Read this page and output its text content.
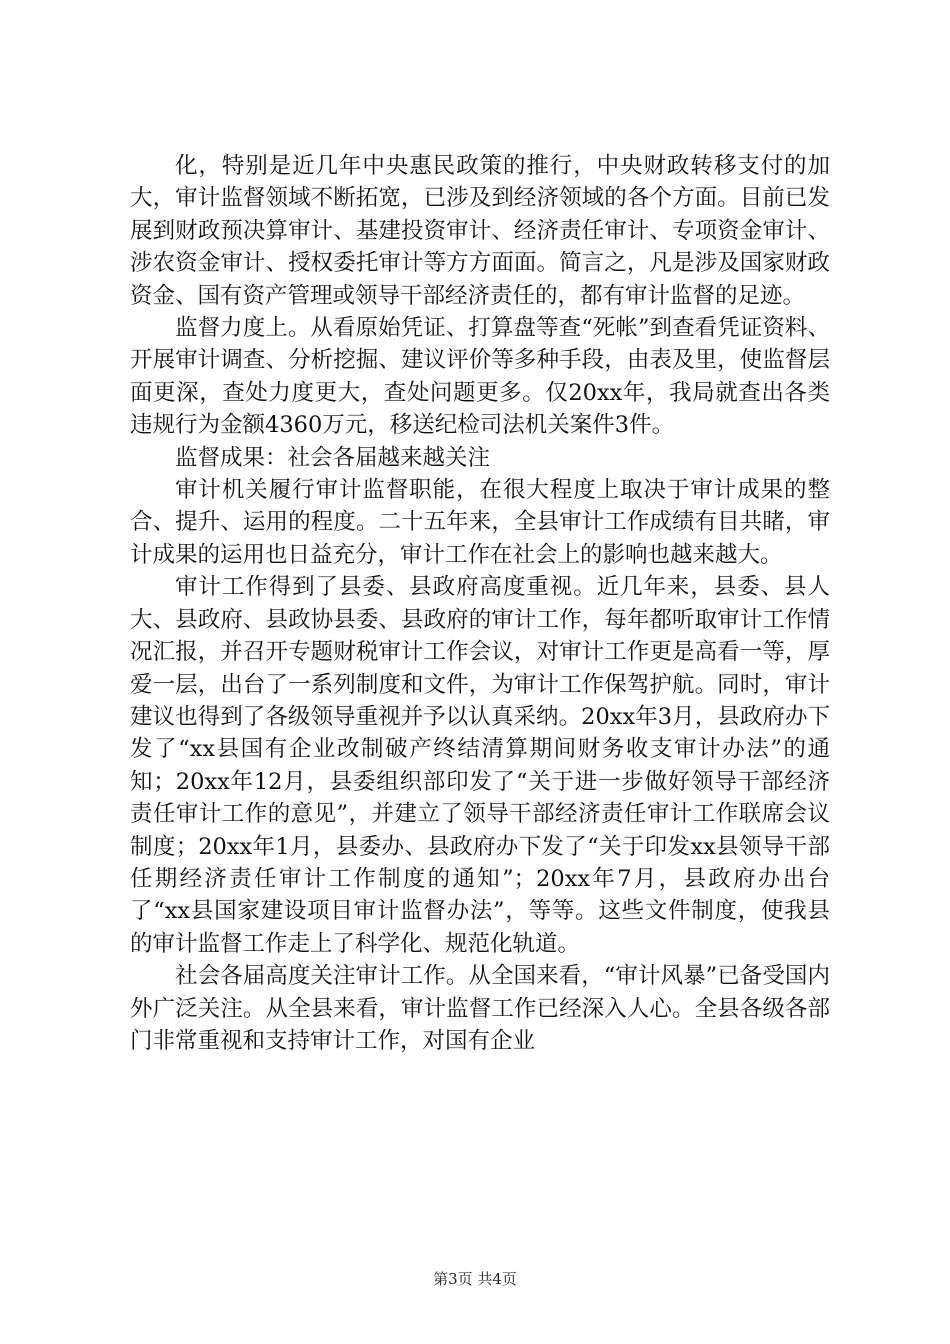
化，特别是近几年中央惠民政策的推行，中央财政转移支付的加大，审计监督领域不断拓宽，已涉及到经济领域的各个方面。目前已发展到财政预决算审计、基建投资审计、经济责任审计、专项资金审计、涉农资金审计、授权委托审计等方方面面。简言之，凡是涉及国家财政资金、国有资产管理或领导干部经济责任的，都有审计监督的足迹。

监督力度上。从看原始凭证、打算盘等查“死帐”到查看凭证资料、开展审计调查、分析挖掘、建议评价等多种手段，由表及里，使监督层面更深，查处力度更大，查处问题更多。仅20xx年，我局就查出各类违规行为金额4360万元，移送纪检司法机关案件3件。

监督成果：社会各届越来越关注

审计机关履行审计监督职能，在很大程度上取决于审计成果的整合、提升、运用的程度。二十五年来，全县审计工作成绩有目共睹，审计成果的运用也日益充分，审计工作在社会上的影响也越来越大。

审计工作得到了县委、县政府高度重视。近几年来，县委、县人大、县政府、县政协县委、县政府的审计工作，每年都听取审计工作情况汇报，并召开专题财税审计工作会议，对审计工作更是高看一等，厚爱一层，出台了一系列制度和文件，为审计工作保驾护航。同时，审计建议也得到了各级领导重视并予以认真采纳。20xx年3月，县政府办下发了“xx县国有企业改制破产终结清算期间财务收支审计办法”的通知；20xx年12月，县委组织部印发了“关于进一步做好领导干部经济责任审计工作的意见”，并建立了领导干部经济责任审计工作联席会议制度；20xx年1月，县委办、县政府办下发了“关于印发xx县领导干部任期经济责任审计工作制度的通知”；20xx年7月，县政府办出台了“xx县国家建设项目审计监督办法”，等等。这些文件制度，使我县的审计监督工作走上了科学化、规范化轨道。

社会各届高度关注审计工作。从全国来看，“审计风暴”已备受国内外广泛关注。从全县来看，审计监督工作已经深入人心。全县各级各部门非常重视和支持审计工作，对国有企业

第3页 共4页
